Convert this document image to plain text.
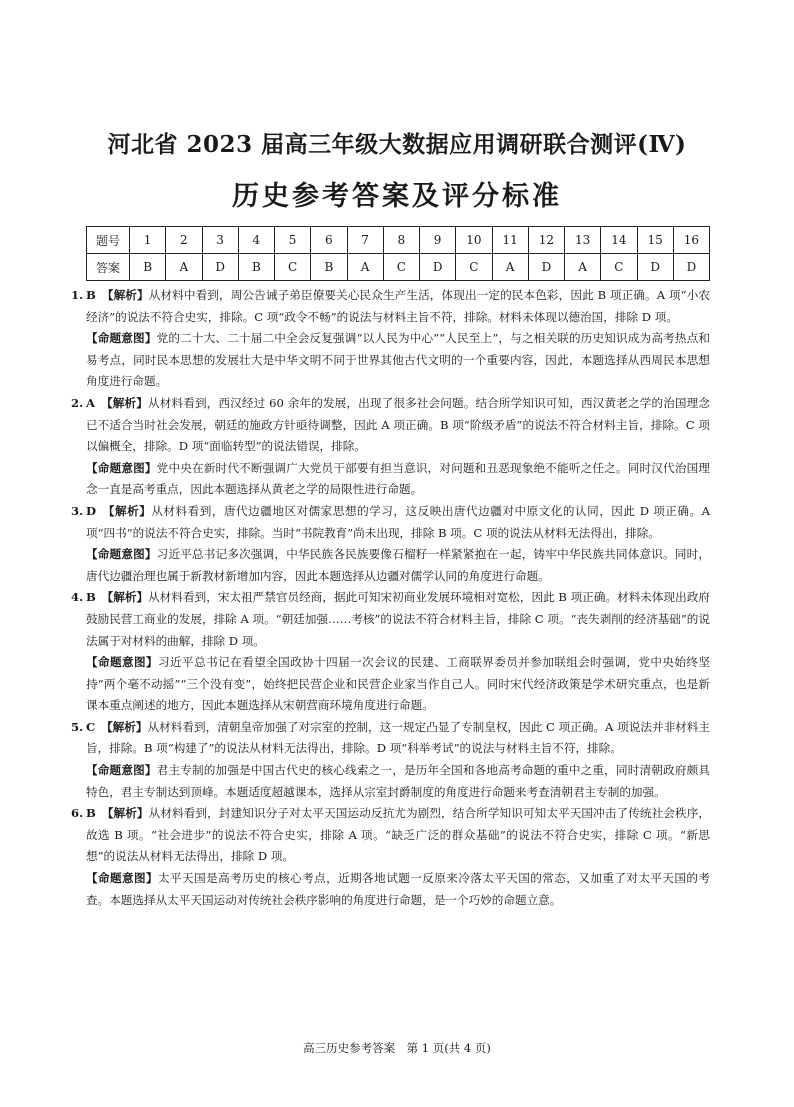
河北省 2023 届高三年级大数据应用调研联合测评(Ⅳ)
历史参考答案及评分标准
题号	1	2	3	4	5	6	7	8	9	10	11	12	13	14	15	16
答案	B	A	D	B	C	B	A	C	D	C	A	D	A	C	D	D

1. B　 【解析】从材料中看到，周公告诫子弟臣僚要关心民众生产生活，体现出一定的民本色彩，因此 B 项正确。A 项“小农经济”的说法不符合史实，排除。C 项“政令不畅”的说法与材料主旨不符，排除。材料未体现以德治国，排除 D 项。

【命题意图】党的二十大、二十届二中全会反复强调“以人民为中心”“人民至上”，与之相关联的历史知识成为高考热点和易考点，同时民本思想的发展壮大是中华文明不同于世界其他古代文明的一个重要内容，因此，本题选择从西周民本思想角度进行命题。

2. A　 【解析】从材料看到，西汉经过 60 余年的发展，出现了很多社会问题。结合所学知识可知，西汉黄老之学的治国理念已不适合当时社会发展，朝廷的施政方针亟待调整，因此 A 项正确。B 项“阶级矛盾”的说法不符合材料主旨，排除。C 项以偏概全，排除。D 项“面临转型”的说法错误，排除。

【命题意图】党中央在新时代不断强调广大党员干部要有担当意识，对问题和丑恶现象绝不能听之任之。同时汉代治国理念一直是高考重点，因此本题选择从黄老之学的局限性进行命题。

3. D　 【解析】从材料看到，唐代边疆地区对儒家思想的学习，这反映出唐代边疆对中原文化的认同，因此 D 项正确。A 项“四书”的说法不符合史实，排除。当时“书院教育”尚未出现，排除 B 项。C 项的说法从材料无法得出，排除。

【命题意图】习近平总书记多次强调，中华民族各民族要像石榴籽一样紧紧抱在一起，铸牢中华民族共同体意识。同时，唐代边疆治理也属于新教材新增加内容，因此本题选择从边疆对儒学认同的角度进行命题。

4. B　 【解析】从材料看到，宋太祖严禁官员经商，据此可知宋初商业发展环境相对宽松，因此 B 项正确。材料未体现出政府鼓励民营工商业的发展，排除 A 项。“朝廷加强……考核”的说法不符合材料主旨，排除 C 项。“丧失剥削的经济基础”的说法属于对材料的曲解，排除 D 项。

【命题意图】习近平总书记在看望全国政协十四届一次会议的民建、工商联界委员并参加联组会时强调，党中央始终坚持“两个毫不动摇”“三个没有变”，始终把民营企业和民营企业家当作自己人。同时宋代经济政策是学术研究重点，也是新课本重点阐述的地方，因此本题选择从宋朝营商环境角度进行命题。

5. C　 【解析】从材料看到，清朝皇帝加强了对宗室的控制，这一规定凸显了专制皇权，因此 C 项正确。A 项说法并非材料主旨，排除。B 项“构建了”的说法从材料无法得出，排除。D 项“科举考试”的说法与材料主旨不符，排除。

【命题意图】君主专制的加强是中国古代史的核心线索之一，是历年全国和各地高考命题的重中之重，同时清朝政府颇具特色，君主专制达到顶峰。本题适度超越课本，选择从宗室封爵制度的角度进行命题来考查清朝君主专制的加强。

6. B　 【解析】从材料看到，封建知识分子对太平天国运动反抗尤为剧烈，结合所学知识可知太平天国冲击了传统社会秩序，故选 B 项。“社会进步”的说法不符合史实，排除 A 项。“缺乏广泛的群众基础”的说法不符合史实，排除 C 项。“新思想”的说法从材料无法得出，排除 D 项。

【命题意图】太平天国是高考历史的核心考点，近期各地试题一反原来冷落太平天国的常态，又加重了对太平天国的考查。本题选择从太平天国运动对传统社会秩序影响的角度进行命题，是一个巧妙的命题立意。

高三历史参考答案　第 1 页(共 4 页)
